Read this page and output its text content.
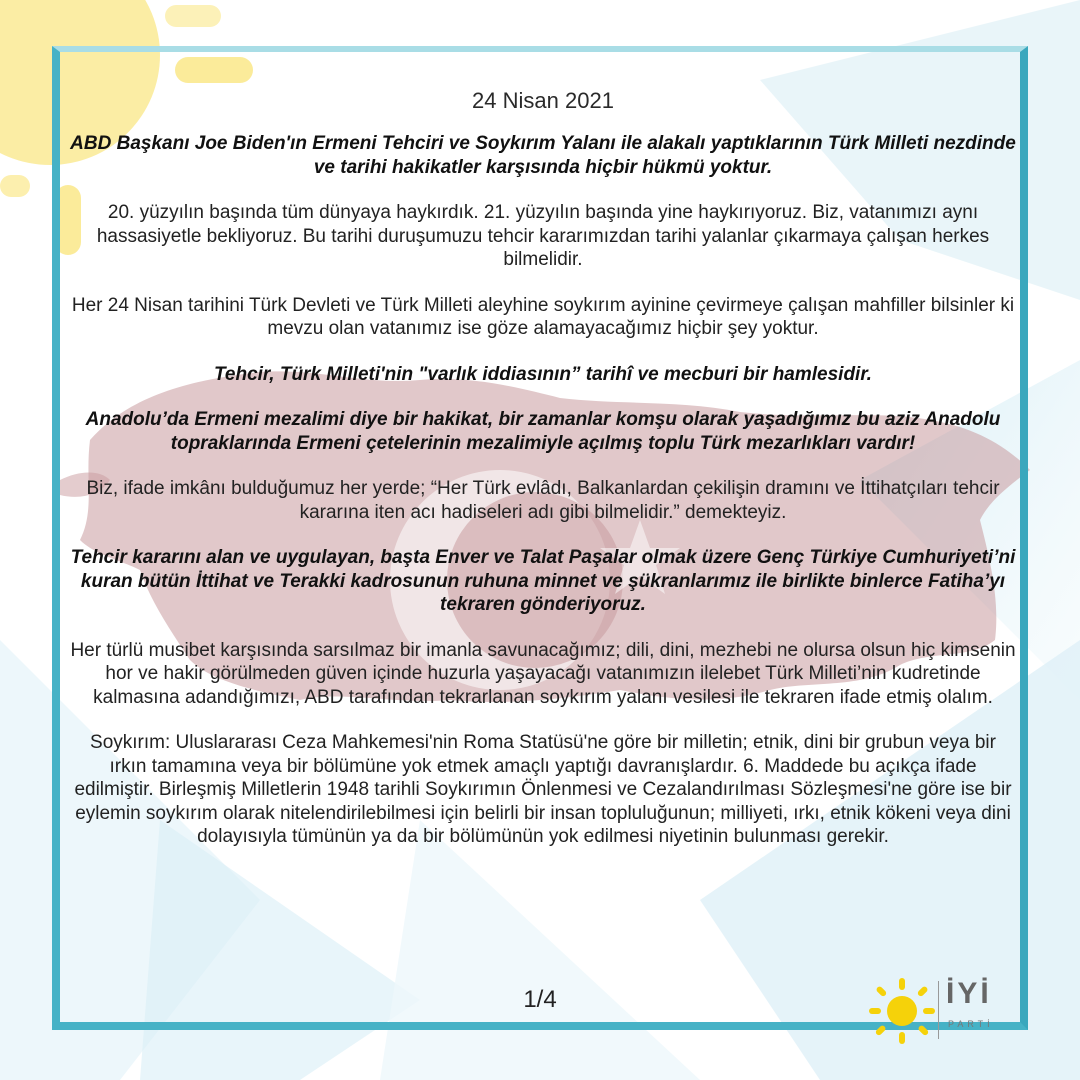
24 Nisan 2021

ABD Başkanı Joe Biden'ın Ermeni Tehciri ve Soykırım Yalanı ile alakalı yaptıklarının Türk Milleti nezdinde ve tarihi hakikatler karşısında hiçbir hükmü yoktur.

20. yüzyılın başında tüm dünyaya haykırdık. 21. yüzyılın başında yine haykırıyoruz. Biz, vatanımızı aynı hassasiyetle bekliyoruz. Bu tarihi duruşumuzu tehcir kararımızdan tarihi yalanlar çıkarmaya çalışan herkes bilmelidir.

Her 24 Nisan tarihini Türk Devleti ve Türk Milleti aleyhine soykırım ayinine çevirmeye çalışan mahfiller bilsinler ki mevzu olan vatanımız ise göze alamayacağımız hiçbir şey yoktur.

Tehcir, Türk Milleti'nin "varlık iddiasının” tarihî ve mecburi bir hamlesidir.

Anadolu’da Ermeni mezalimi diye bir hakikat, bir zamanlar komşu olarak yaşadığımız bu aziz Anadolu topraklarında Ermeni çetelerinin mezalimiyle açılmış toplu Türk mezarlıkları vardır!

Biz, ifade imkânı bulduğumuz her yerde; “Her Türk evlâdı, Balkanlardan çekilişin dramını ve İttihatçıları tehcir kararına iten acı hadiseleri adı gibi bilmelidir.” demekteyiz.

Tehcir kararını alan ve uygulayan, başta Enver ve Talat Paşalar olmak üzere Genç Türkiye Cumhuriyeti’ni kuran bütün İttihat ve Terakki kadrosunun ruhuna minnet ve şükranlarımız ile birlikte binlerce Fatiha’yı tekraren gönderiyoruz.

Her türlü musibet karşısında sarsılmaz bir imanla savunacağımız; dili, dini, mezhebi ne olursa olsun hiç kimsenin hor ve hakir görülmeden güven içinde huzurla yaşayacağı vatanımızın ilelebet Türk Milleti’nin kudretinde kalmasına adandığımızı, ABD tarafından tekrarlanan soykırım yalanı vesilesi ile tekraren ifade etmiş olalım.

Soykırım: Uluslararası Ceza Mahkemesi'nin Roma Statüsü'ne göre bir milletin; etnik, dini bir grubun veya bir ırkın tamamına veya bir bölümüne yok etmek amaçlı yaptığı davranışlardır. 6. Maddede bu açıkça ifade edilmiştir. Birleşmiş Milletlerin 1948 tarihli Soykırımın Önlenmesi ve Cezalandırılması Sözleşmesi'ne göre ise bir eylemin soykırım olarak nitelendirilebilmesi için belirli bir insan topluluğunun; milliyeti, ırkı, etnik kökeni veya dini dolayısıyla tümünün ya da bir bölümünün yok edilmesi niyetinin bulunması gerekir.

1/4	İYİ
PARTİ
